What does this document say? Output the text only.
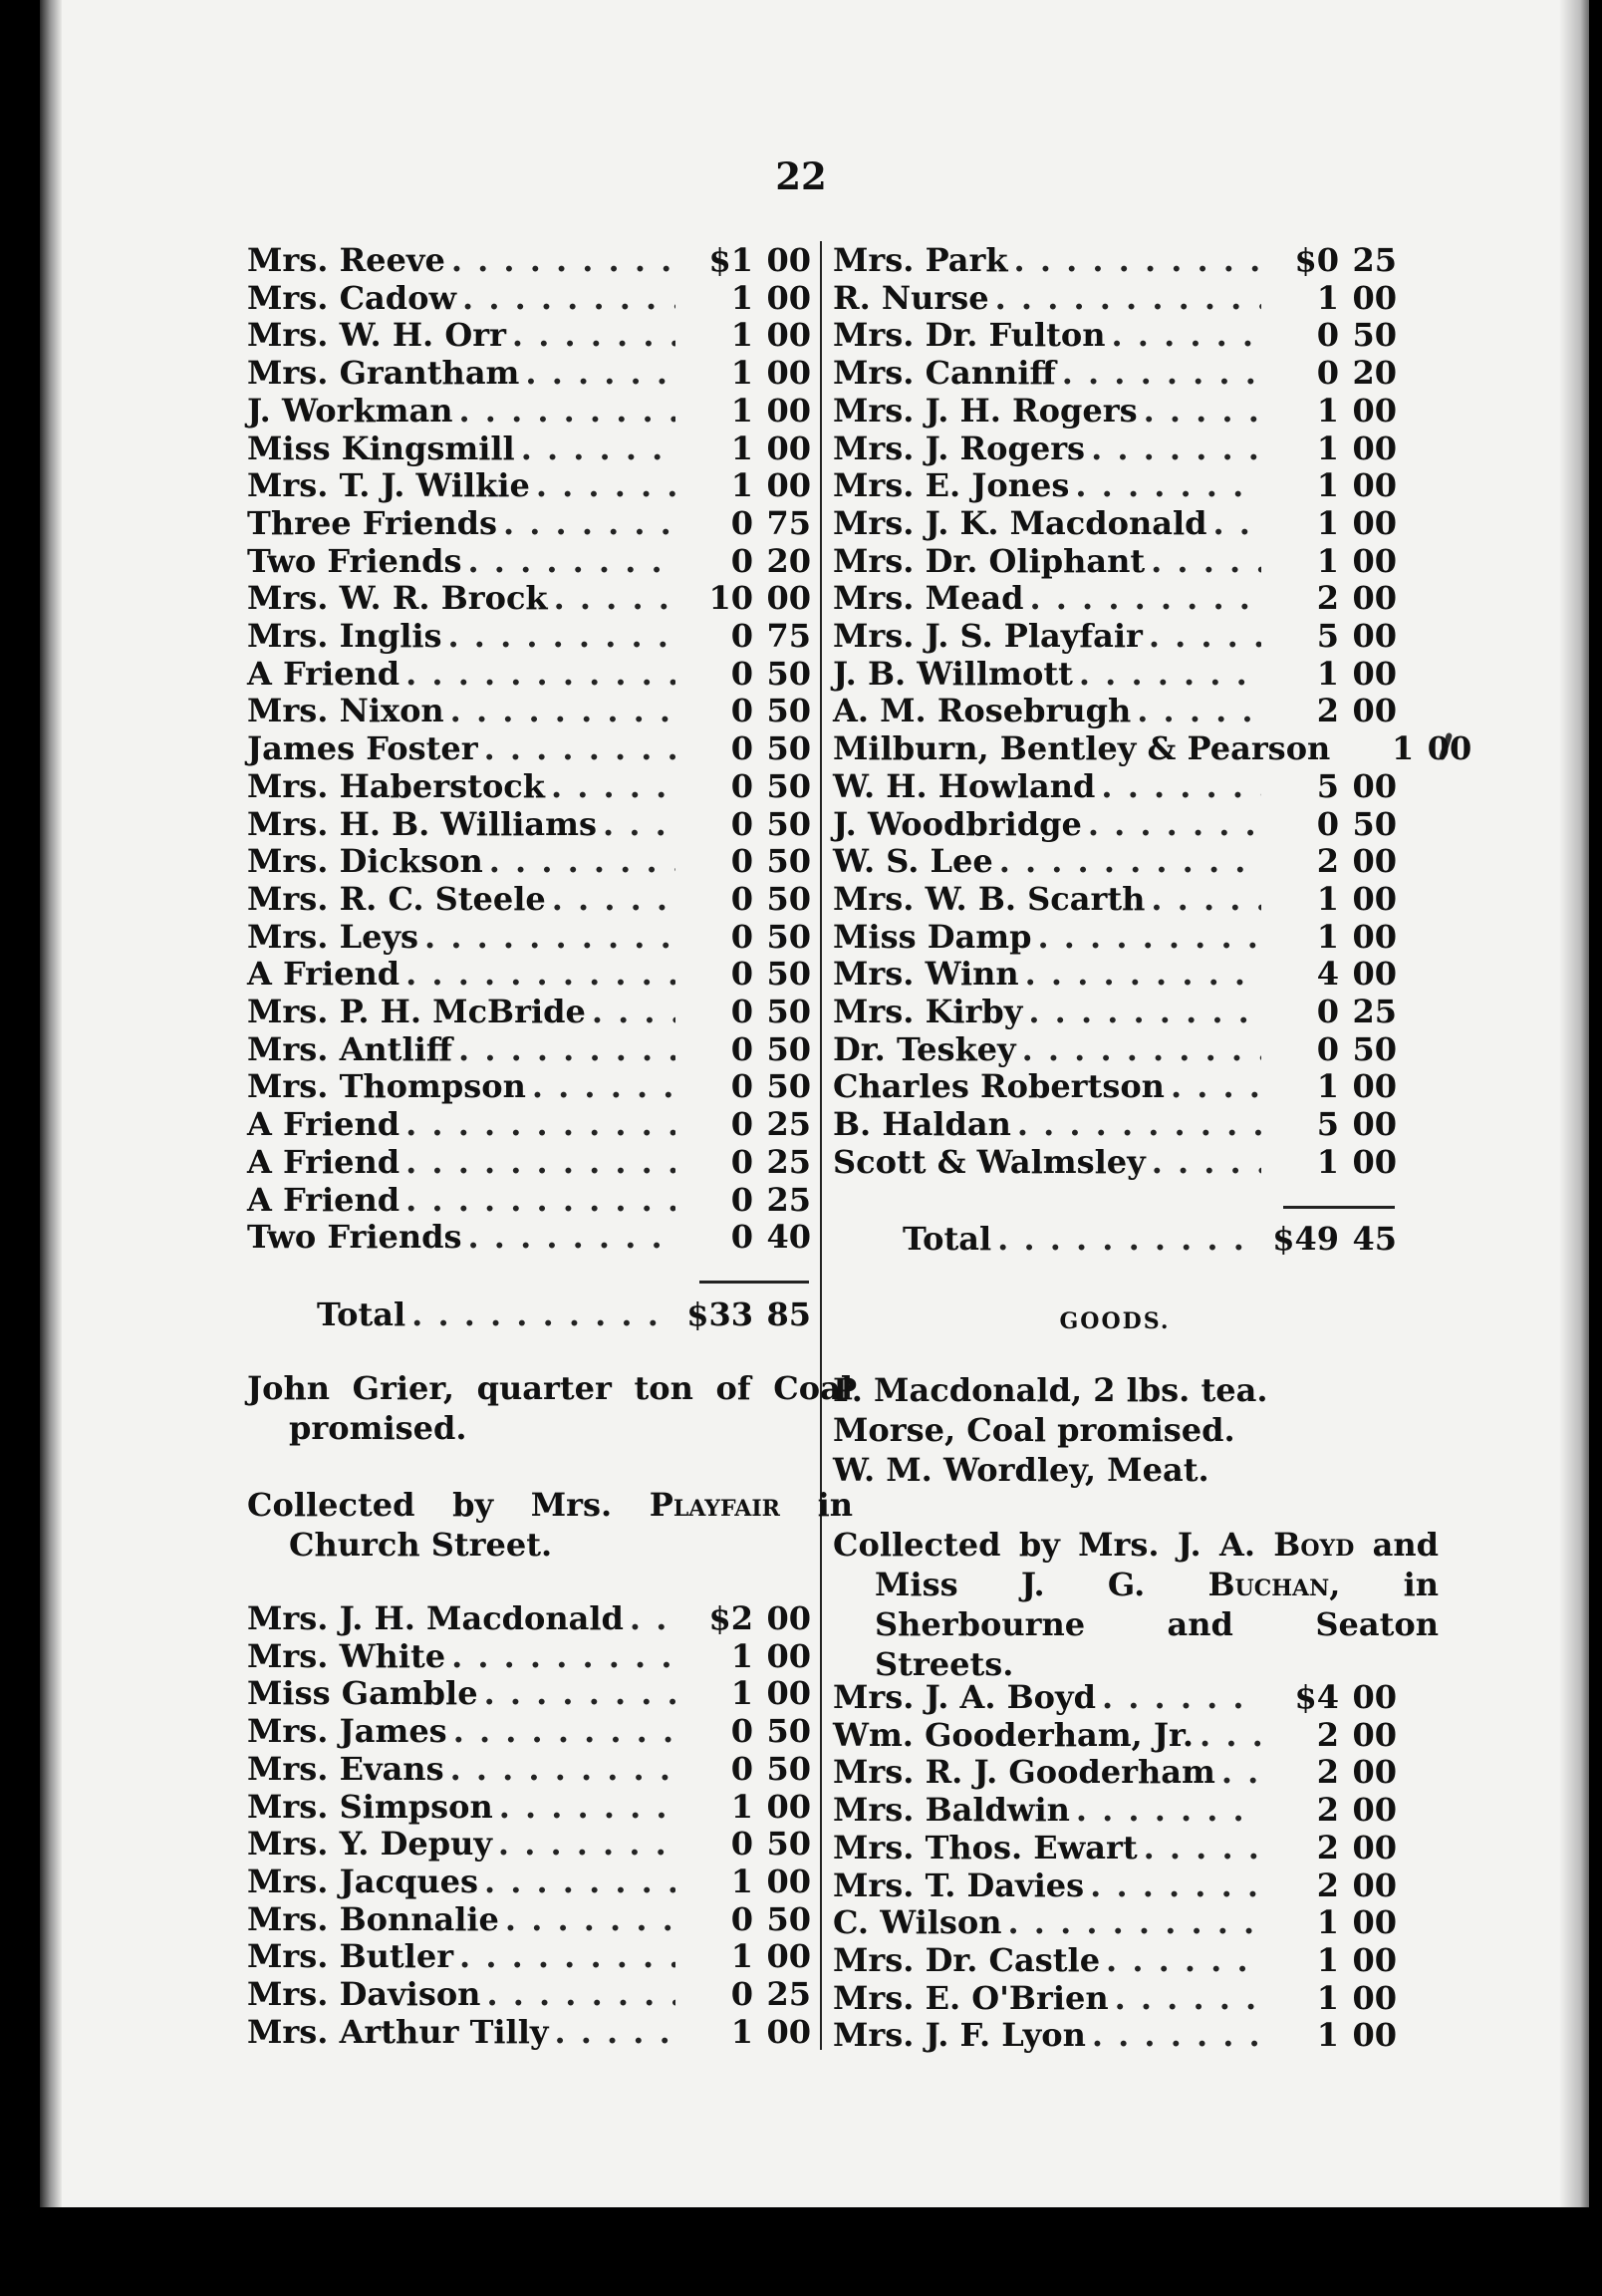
22
Mrs. Reeve . . .	$1 00
Mrs. Cadow . . .	1 00
Mrs. W. H. Orr . . .	1 00
Mrs. Grantham . . .	1 00
J. Workman . . .	1 00
Miss Kingsmill . . .	1 00
Mrs. T. J. Wilkie . . .	1 00
Three Friends . . .	0 75
Two Friends . . .	0 20
Mrs. W. R. Brock . . .	10 00
Mrs. Inglis . . .	0 75
A Friend . . .	0 50
Mrs. Nixon . . .	0 50
James Foster . . .	0 50
Mrs. Haberstock . . .	0 50
Mrs. H. B. Williams . . .	0 50
Mrs. Dickson . . .	0 50
Mrs. R. C. Steele . . .	0 50
Mrs. Leys . . .	0 50
A Friend . . .	0 50
Mrs. P. H. McBride . . .	0 50
Mrs. Antliff . . .	0 50
Mrs. Thompson . . .	0 50
A Friend . . .	0 25
A Friend . . .	0 25
A Friend . . .	0 25
Two Friends . . .	0 40
Total . . .	$33 85
John Grier, quarter ton of Coal promised.
Collected by Mrs. Playfair in Church Street.
Mrs. J. H. Macdonald . . .	$2 00
Mrs. White . . .	1 00
Miss Gamble . . .	1 00
Mrs. James . . .	0 50
Mrs. Evans . . .	0 50
Mrs. Simpson . . .	1 00
Mrs. Y. Depuy . . .	0 50
Mrs. Jacques . . .	1 00
Mrs. Bonnalie . . .	0 50
Mrs. Butler . . .	1 00
Mrs. Davison . . .	0 25
Mrs. Arthur Tilly . . .	1 00
Mrs. Park . . .	$0 25
R. Nurse . . .	1 00
Mrs. Dr. Fulton . . .	0 50
Mrs. Canniff . . .	0 20
Mrs. J. H. Rogers . . .	1 00
Mrs. J. Rogers . . .	1 00
Mrs. E. Jones . . .	1 00
Mrs. J. K. Macdonald . . .	1 00
Mrs. Dr. Oliphant . . .	1 00
Mrs. Mead . . .	2 00
Mrs. J. S. Playfair . . .	5 00
J. B. Willmott . . .	1 00
A. M. Rosebrugh . . .	2 00
Milburn, Bentley & Pearson	1 00
W. H. Howland . . .	5 00
J. Woodbridge . . .	0 50
W. S. Lee . . .	2 00
Mrs. W. B. Scarth . . .	1 00
Miss Damp . . .	1 00
Mrs. Winn . . .	4 00
Mrs. Kirby . . .	0 25
Dr. Teskey . . .	0 50
Charles Robertson . . .	1 00
B. Haldan . . .	5 00
Scott & Walmsley . . .	1 00
Total . . .	$49 45
GOODS.
P. Macdonald, 2 lbs. tea.
Morse, Coal promised.
W. M. Wordley, Meat.
Collected by Mrs. J. A. Boyd and Miss J. G. Buchan, in Sherbourne and Seaton Streets.
Mrs. J. A. Boyd . . .	$4 00
Wm. Gooderham, Jr. . . .	2 00
Mrs. R. J. Gooderham . . .	2 00
Mrs. Baldwin . . .	2 00
Mrs. Thos. Ewart . . .	2 00
Mrs. T. Davies . . .	2 00
C. Wilson . . .	1 00
Mrs. Dr. Castle . . .	1 00
Mrs. E. O'Brien . . .	1 00
Mrs. J. F. Lyon . . .	1 00
